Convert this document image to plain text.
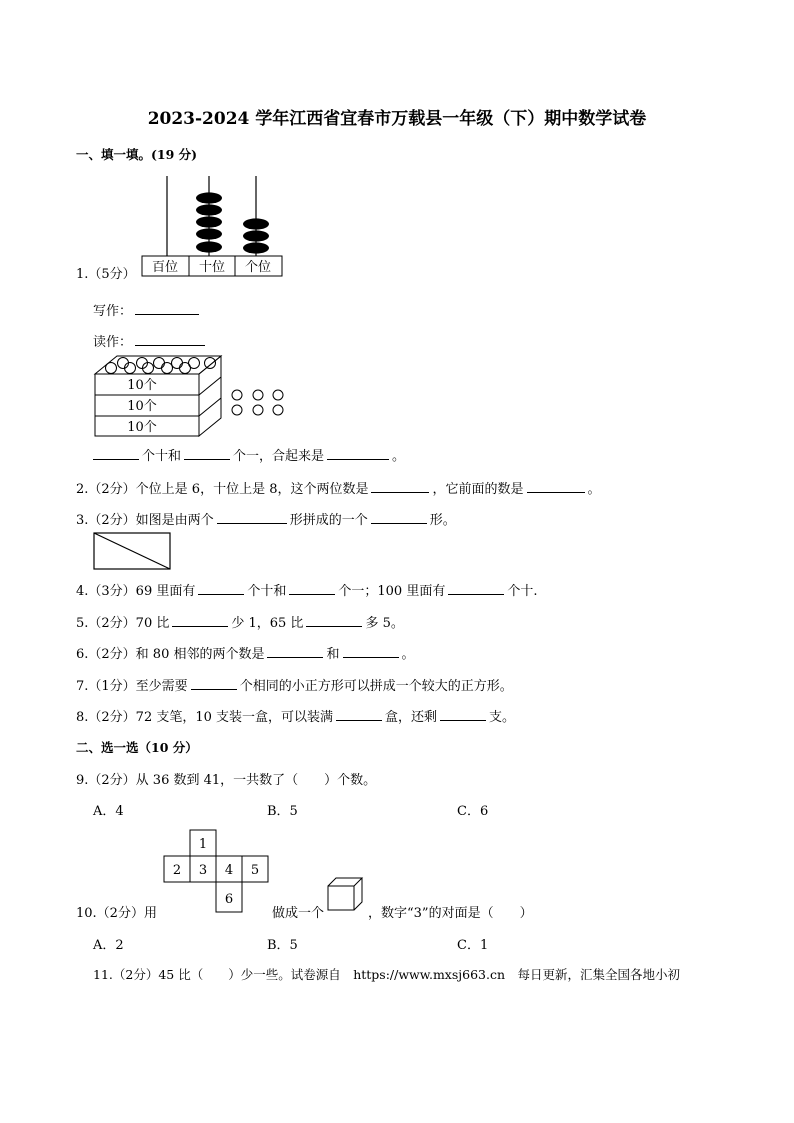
2023-2024 学年江西省宜春市万载县一年级（下）期中数学试卷
一、填一填。(19 分)
百位 十位 个位
1.（5分）
写作：
读作：
10个
10个
10个
个十和	个一，合起来是	。
2.（2分）个位上是 6，十位上是 8，这个两位数是	，它前面的数是	。
3.（2分）如图是由两个	形拼成的一个	形。
4.（3分）69 里面有	个十和	个一；100 里面有	个十.
5.（2分）70 比	少 1，65 比	多 5。
6.（2分）和 80 相邻的两个数是	和	。
7.（1分）至少需要	个相同的小正方形可以拼成一个较大的正方形。
8.（2分）72 支笔，10 支装一盒，可以装满	盒，还剩	支。
二、选一选（10 分）
9.（2分）从 36 数到 41，一共数了（　　）个数。
A．4	B．5	C．6
1
2 3 4 5
6
10.（2分）用	做成一个	，数字“3”的对面是（　　）
A．2	B．5	C．1
11.（2分）45 比（　　）少一些。试卷源自　https://www.mxsj663.cn　每日更新，汇集全国各地小初
